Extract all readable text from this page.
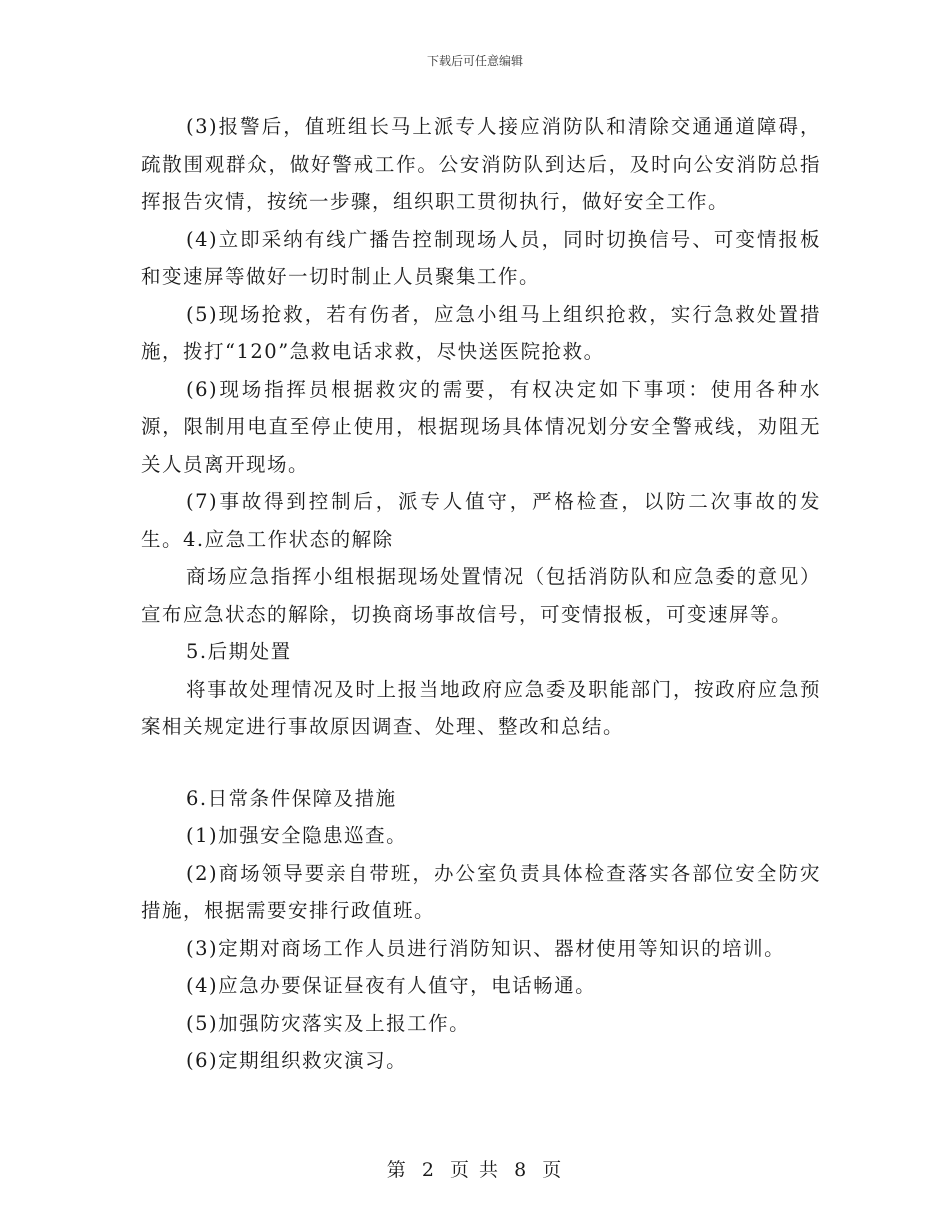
下载后可任意编辑

(3)报警后，值班组长马上派专人接应消防队和清除交通通道障碍，疏散围观群众，做好警戒工作。公安消防队到达后，及时向公安消防总指挥报告灾情，按统一步骤，组织职工贯彻执行，做好安全工作。

(4)立即采纳有线广播告控制现场人员，同时切换信号、可变情报板和变速屏等做好一切时制止人员聚集工作。

(5)现场抢救，若有伤者，应急小组马上组织抢救，实行急救处置措施，拨打“120”急救电话求救，尽快送医院抢救。

(6)现场指挥员根据救灾的需要，有权决定如下事项：使用各种水源，限制用电直至停止使用，根据现场具体情况划分安全警戒线，劝阻无关人员离开现场。

(7)事故得到控制后，派专人值守，严格检查，以防二次事故的发生。4.应急工作状态的解除

商场应急指挥小组根据现场处置情况（包括消防队和应急委的意见）宣布应急状态的解除，切换商场事故信号，可变情报板，可变速屏等。

5.后期处置

将事故处理情况及时上报当地政府应急委及职能部门，按政府应急预案相关规定进行事故原因调查、处理、整改和总结。

6.日常条件保障及措施

(1)加强安全隐患巡查。

(2)商场领导要亲自带班，办公室负责具体检查落实各部位安全防灾措施，根据需要安排行政值班。

(3)定期对商场工作人员进行消防知识、器材使用等知识的培训。

(4)应急办要保证昼夜有人值守，电话畅通。

(5)加强防灾落实及上报工作。

(6)定期组织救灾演习。

第 2 页 共 8 页
